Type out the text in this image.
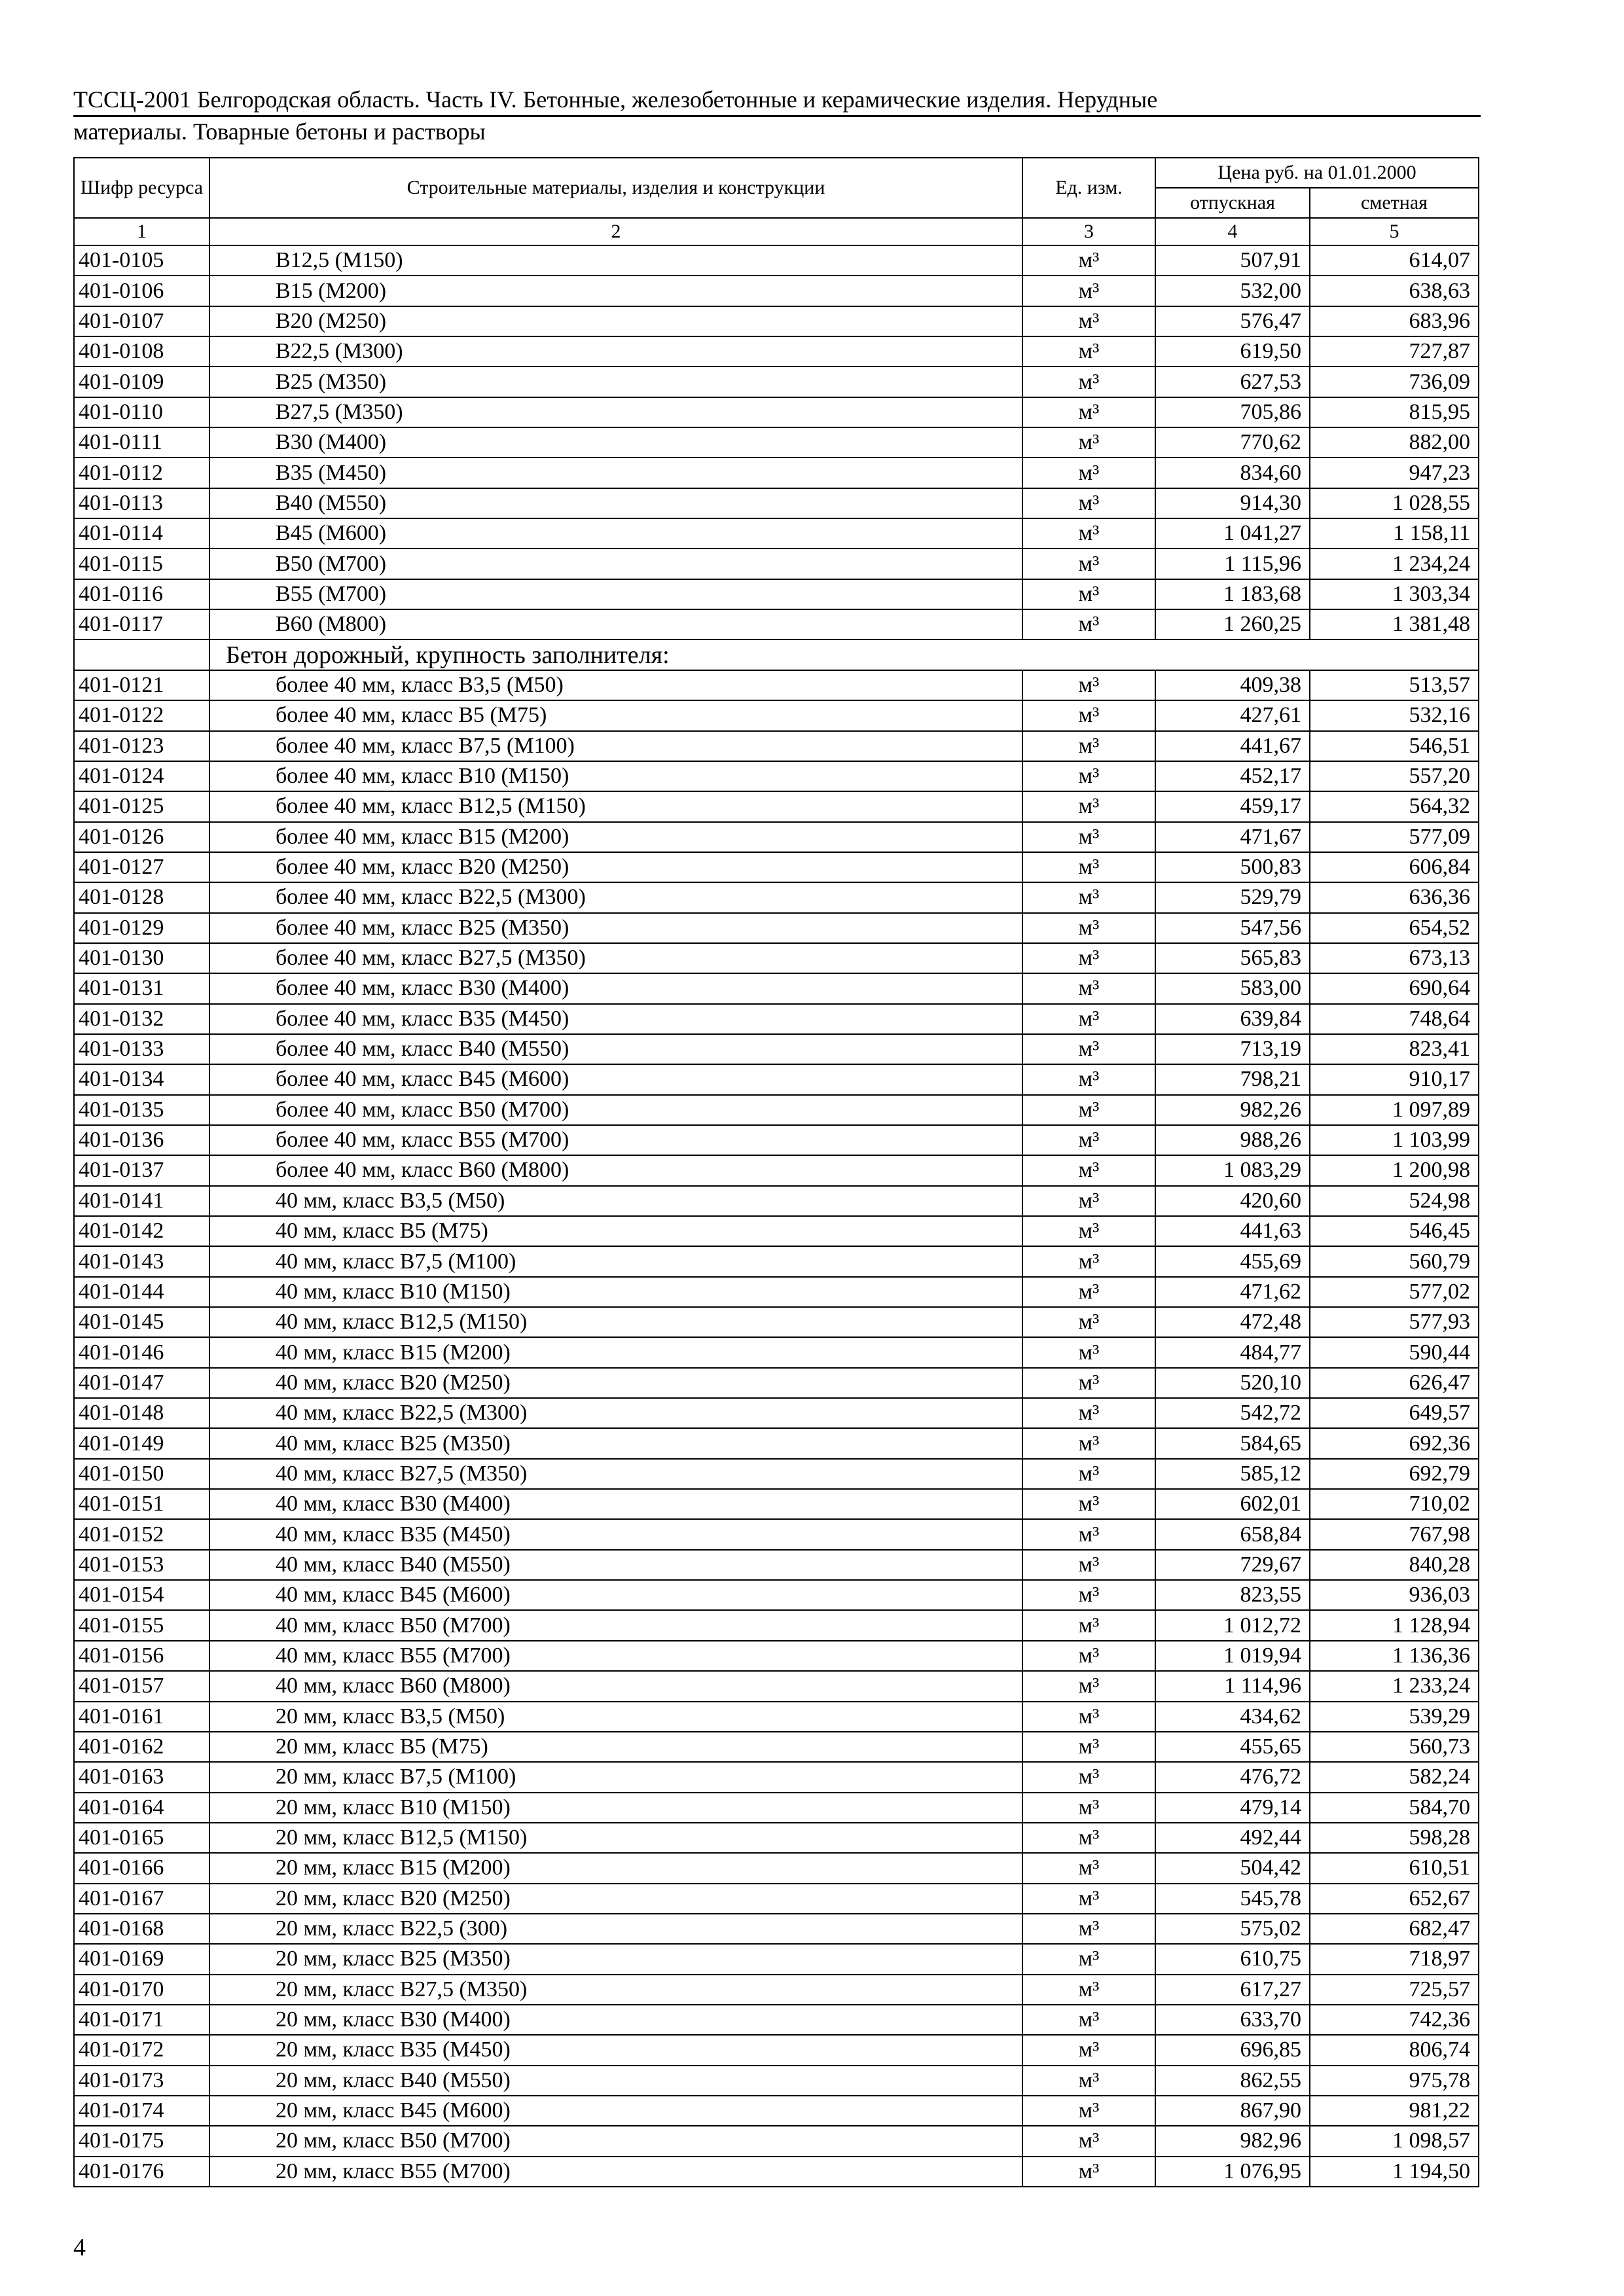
ТССЦ-2001 Белгородская область. Часть IV. Бетонные, железобетонные и керамические изделия. Нерудные
материалы. Товарные бетоны и растворы
Шифр ресурса	Строительные материалы, изделия и конструкции	Ед. изм.	Цена руб. на 01.01.2000	
			отпускная	сметная
1	2	3	4	5
401-0105	В12,5 (М150)	м³	507,91	614,07
401-0106	В15 (М200)	м³	532,00	638,63
401-0107	В20 (М250)	м³	576,47	683,96
401-0108	В22,5 (М300)	м³	619,50	727,87
401-0109	В25 (М350)	м³	627,53	736,09
401-0110	В27,5 (М350)	м³	705,86	815,95
401-0111	В30 (М400)	м³	770,62	882,00
401-0112	В35 (М450)	м³	834,60	947,23
401-0113	В40 (М550)	м³	914,30	1 028,55
401-0114	В45 (М600)	м³	1 041,27	1 158,11
401-0115	В50 (М700)	м³	1 115,96	1 234,24
401-0116	В55 (М700)	м³	1 183,68	1 303,34
401-0117	В60 (М800)	м³	1 260,25	1 381,48
	Бетон дорожный, крупность заполнителя:			
401-0121	более 40 мм, класс В3,5 (М50)	м³	409,38	513,57
401-0122	более 40 мм, класс В5 (М75)	м³	427,61	532,16
401-0123	более 40 мм, класс В7,5 (М100)	м³	441,67	546,51
401-0124	более 40 мм, класс В10 (М150)	м³	452,17	557,20
401-0125	более 40 мм, класс В12,5 (М150)	м³	459,17	564,32
401-0126	более 40 мм, класс В15 (М200)	м³	471,67	577,09
401-0127	более 40 мм, класс В20 (М250)	м³	500,83	606,84
401-0128	более 40 мм, класс В22,5 (М300)	м³	529,79	636,36
401-0129	более 40 мм, класс В25 (М350)	м³	547,56	654,52
401-0130	более 40 мм, класс В27,5 (М350)	м³	565,83	673,13
401-0131	более 40 мм, класс В30 (М400)	м³	583,00	690,64
401-0132	более 40 мм, класс В35 (М450)	м³	639,84	748,64
401-0133	более 40 мм, класс В40 (М550)	м³	713,19	823,41
401-0134	более 40 мм, класс В45 (М600)	м³	798,21	910,17
401-0135	более 40 мм, класс В50 (М700)	м³	982,26	1 097,89
401-0136	более 40 мм, класс В55 (М700)	м³	988,26	1 103,99
401-0137	более 40 мм, класс В60 (М800)	м³	1 083,29	1 200,98
401-0141	40 мм, класс В3,5 (М50)	м³	420,60	524,98
401-0142	40 мм, класс В5 (М75)	м³	441,63	546,45
401-0143	40 мм, класс В7,5 (М100)	м³	455,69	560,79
401-0144	40 мм, класс В10 (М150)	м³	471,62	577,02
401-0145	40 мм, класс В12,5 (М150)	м³	472,48	577,93
401-0146	40 мм, класс В15 (М200)	м³	484,77	590,44
401-0147	40 мм, класс В20 (М250)	м³	520,10	626,47
401-0148	40 мм, класс В22,5 (М300)	м³	542,72	649,57
401-0149	40 мм, класс В25 (М350)	м³	584,65	692,36
401-0150	40 мм, класс В27,5 (М350)	м³	585,12	692,79
401-0151	40 мм, класс В30 (М400)	м³	602,01	710,02
401-0152	40 мм, класс В35 (М450)	м³	658,84	767,98
401-0153	40 мм, класс В40 (М550)	м³	729,67	840,28
401-0154	40 мм, класс В45 (М600)	м³	823,55	936,03
401-0155	40 мм, класс В50 (М700)	м³	1 012,72	1 128,94
401-0156	40 мм, класс В55 (М700)	м³	1 019,94	1 136,36
401-0157	40 мм, класс В60 (М800)	м³	1 114,96	1 233,24
401-0161	20 мм, класс В3,5 (М50)	м³	434,62	539,29
401-0162	20 мм, класс В5 (М75)	м³	455,65	560,73
401-0163	20 мм, класс В7,5 (М100)	м³	476,72	582,24
401-0164	20 мм, класс В10 (М150)	м³	479,14	584,70
401-0165	20 мм, класс В12,5 (М150)	м³	492,44	598,28
401-0166	20 мм, класс В15 (М200)	м³	504,42	610,51
401-0167	20 мм, класс В20 (М250)	м³	545,78	652,67
401-0168	20 мм, класс В22,5 (300)	м³	575,02	682,47
401-0169	20 мм, класс В25 (М350)	м³	610,75	718,97
401-0170	20 мм, класс В27,5 (М350)	м³	617,27	725,57
401-0171	20 мм, класс В30 (М400)	м³	633,70	742,36
401-0172	20 мм, класс В35 (М450)	м³	696,85	806,74
401-0173	20 мм, класс В40 (М550)	м³	862,55	975,78
401-0174	20 мм, класс В45 (М600)	м³	867,90	981,22
401-0175	20 мм, класс В50 (М700)	м³	982,96	1 098,57
401-0176	20 мм, класс В55 (М700)	м³	1 076,95	1 194,50
4
